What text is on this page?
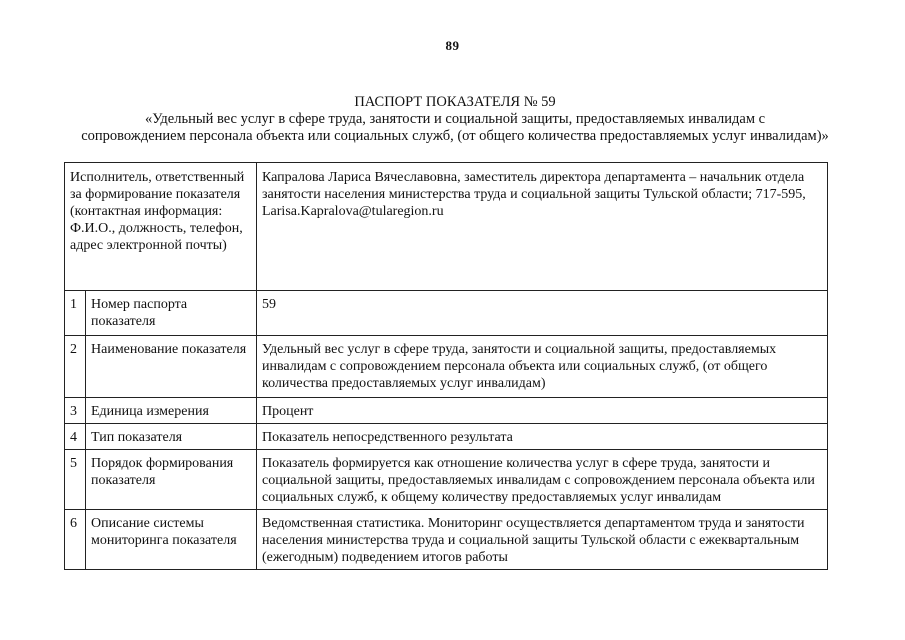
89
ПАСПОРТ ПОКАЗАТЕЛЯ № 59
«Удельный вес услуг в сфере труда, занятости и социальной защиты, предоставляемых инвалидам с
сопровождением персонала объекта или социальных служб, (от общего количества предоставляемых услуг инвалидам)»
Исполнитель, ответственный за формирование показателя (контактная информация: Ф.И.О., должность, телефон, адрес электронной почты)		Капралова Лариса Вячеславовна, заместитель директора департамента – начальник отдела занятости населения министерства труда и социальной защиты Тульской области; 717-595, Larisa.Kapralova@tularegion.ru
1	Номер паспорта показателя	59
2	Наименование показателя	Удельный вес услуг в сфере труда, занятости и социальной защиты, предоставляемых инвалидам с сопровождением персонала объекта или социальных служб, (от общего количества предоставляемых услуг инвалидам)
3	Единица измерения	Процент
4	Тип показателя	Показатель непосредственного результата
5	Порядок формирования показателя	Показатель формируется как отношение количества услуг в сфере труда, занятости и социальной защиты, предоставляемых инвалидам с сопровождением персонала объекта или социальных служб, к общему количеству предоставляемых услуг инвалидам
6	Описание системы мониторинга показателя	Ведомственная статистика. Мониторинг осуществляется департаментом труда и занятости населения министерства труда и социальной защиты Тульской области с ежеквартальным (ежегодным) подведением итогов работы
